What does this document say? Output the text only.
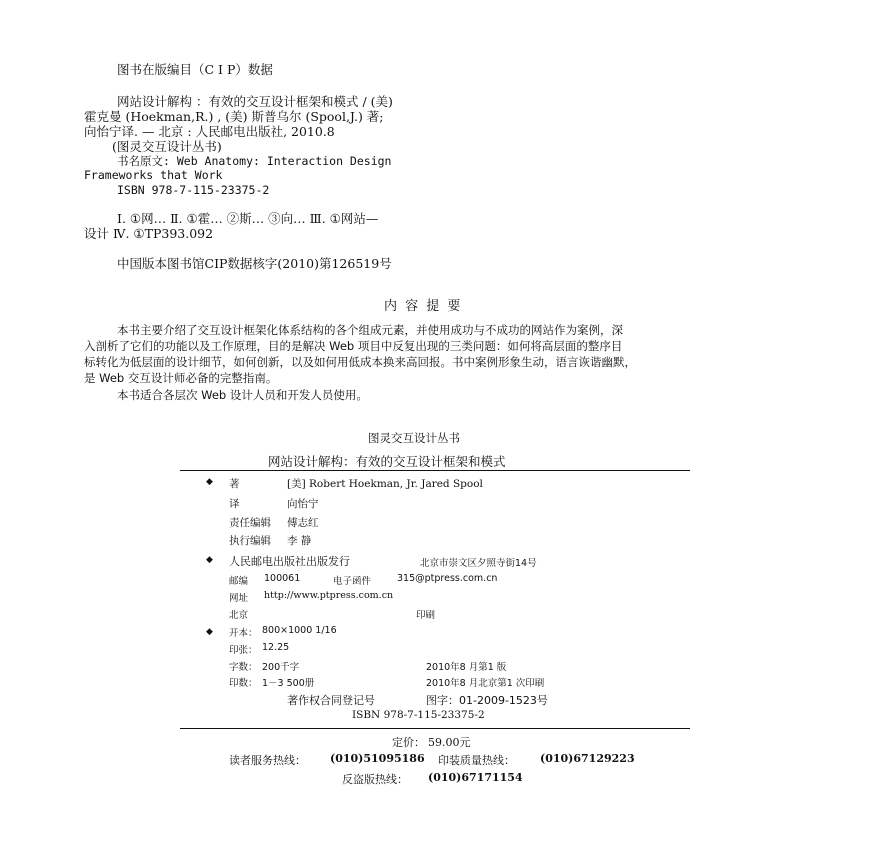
图书在版编目（C I P）数据
网站设计解构 ：有效的交互设计框架和模式 / (美)
霍克曼 (Hoekman,R.) , (美) 斯普乌尔 (Spool,J.) 著;
向怡宁译. — 北京 : 人民邮电出版社, 2010.8
(图灵交互设计丛书)
书名原文: Web Anatomy: Interaction Design
Frameworks that Work
ISBN 978-7-115-23375-2
Ⅰ. ①网… Ⅱ. ①霍… ②斯… ③向… Ⅲ. ①网站—
设计 Ⅳ. ①TP393.092
中国版本图书馆CIP数据核字(2010)第126519号
内 容 提 要
本书主要介绍了交互设计框架化体系结构的各个组成元素，并使用成功与不成功的网站作为案例，深
入剖析了它们的功能以及工作原理，目的是解决 Web 项目中反复出现的三类问题：如何将高层面的整序目
标转化为低层面的设计细节，如何创新，以及如何用低成本换来高回报。书中案例形象生动，语言诙谐幽默，
是 Web 交互设计师必备的完整指南。
本书适合各层次 Web 设计人员和开发人员使用。
图灵交互设计丛书
网站设计解构：有效的交互设计框架和模式
◆ 著	[美] Robert Hoekman, Jr. Jared Spool
译	向怡宁
责任编辑 傅志红
执行编辑 李 静
◆ 人民邮电出版社出版发行	北京市崇文区夕照寺街14号
邮编 100061	电子函件	315@ptpress.com.cn
网址 http://www.ptpress.com.cn
北京	印刷
◆ 开本： 800×1000 1/16
印张： 12.25
字数： 200千字	2010年8 月第1 版
印数： 1－3 500册	2010年8 月北京第1 次印刷
著作权合同登记号	图字：01-2009-1523号
ISBN 978-7-115-23375-2
定价： 59.00元
读者服务热线： (010)51095186 印装质量热线： (010)67129223
反盗版热线： (010)67171154
